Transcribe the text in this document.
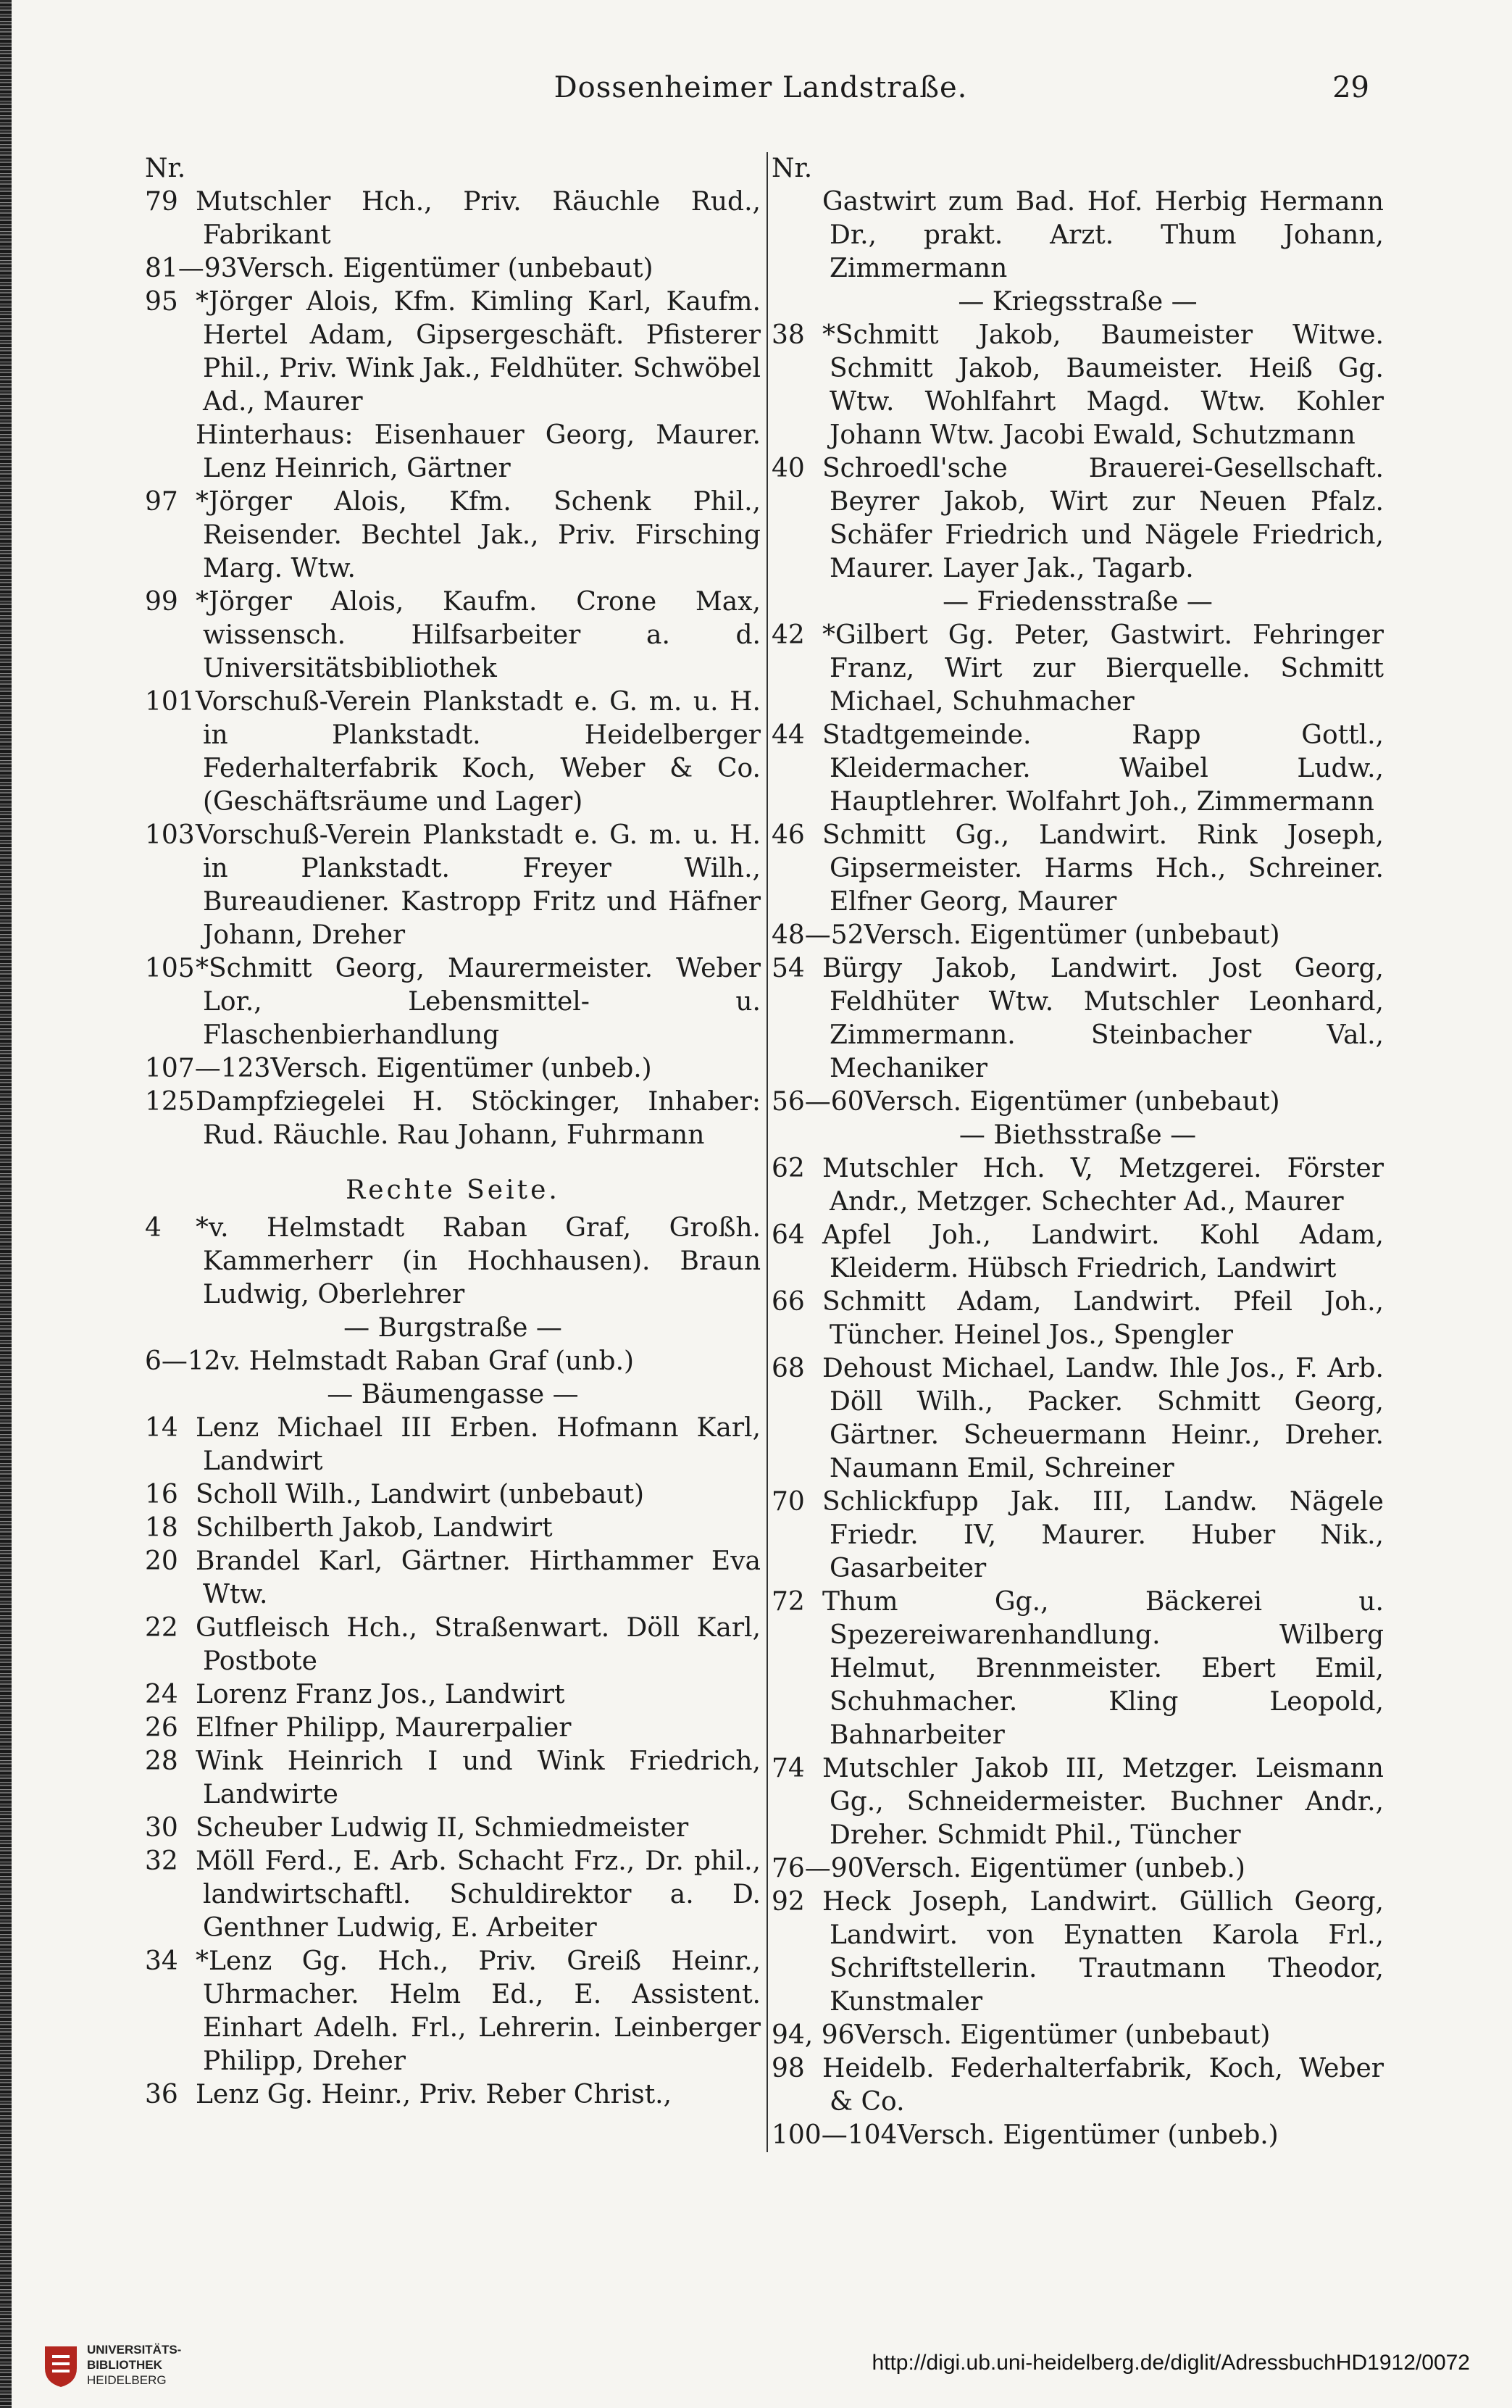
Dossenheimer Landstraße.	29
Nr.
79 Mutschler Hch., Priv. Räuchle Rud., Fabrikant
81—93Versch. Eigentümer (unbebaut)
95 *Jörger Alois, Kfm. Kimling Karl, Kaufm. Hertel Adam, Gipsergeschäft. Pfisterer Phil., Priv. Wink Jak., Feldhüter. Schwöbel Ad., Maurer
Hinterhaus: Eisenhauer Georg, Maurer. Lenz Heinrich, Gärtner
97 *Jörger Alois, Kfm. Schenk Phil., Reisender. Bechtel Jak., Priv. Firsching Marg. Wtw.
99 *Jörger Alois, Kaufm. Crone Max, wissensch. Hilfsarbeiter a. d. Universitätsbibliothek
101Vorschuß-Verein Plankstadt e. G. m. u. H. in Plankstadt. Heidelberger Federhalterfabrik Koch, Weber & Co. (Geschäftsräume und Lager)
103Vorschuß-Verein Plankstadt e. G. m. u. H. in Plankstadt. Freyer Wilh., Bureaudiener. Kastropp Fritz und Häfner Johann, Dreher
105*Schmitt Georg, Maurermeister. Weber Lor., Lebensmittel- u. Flaschenbierhandlung
107—123Versch. Eigentümer (unbeb.)
125Dampfziegelei H. Stöckinger, Inhaber: Rud. Räuchle. Rau Johann, Fuhrmann
Rechte Seite.
4 *v. Helmstadt Raban Graf, Großh. Kammerherr (in Hochhausen). Braun Ludwig, Oberlehrer
— Burgstraße —
6—12v. Helmstadt Raban Graf (unb.)
— Bäumengasse —
14 Lenz Michael III Erben. Hofmann Karl, Landwirt
16 Scholl Wilh., Landwirt (unbebaut)
18 Schilberth Jakob, Landwirt
20 Brandel Karl, Gärtner. Hirthammer Eva Wtw.
22 Gutfleisch Hch., Straßenwart. Döll Karl, Postbote
24 Lorenz Franz Jos., Landwirt
26 Elfner Philipp, Maurerpalier
28 Wink Heinrich I und Wink Friedrich, Landwirte
30 Scheuber Ludwig II, Schmiedmeister
32 Möll Ferd., E. Arb. Schacht Frz., Dr. phil., landwirtschaftl. Schuldirektor a. D. Genthner Ludwig, E. Arbeiter
34 *Lenz Gg. Hch., Priv. Greiß Heinr., Uhrmacher. Helm Ed., E. Assistent. Einhart Adelh. Frl., Lehrerin. Leinberger Philipp, Dreher
36 Lenz Gg. Heinr., Priv. Reber Christ.,
Nr.
Gastwirt zum Bad. Hof. Herbig Hermann Dr., prakt. Arzt. Thum Johann, Zimmermann
— Kriegsstraße —
38 *Schmitt Jakob, Baumeister Witwe. Schmitt Jakob, Baumeister. Heiß Gg. Wtw. Wohlfahrt Magd. Wtw. Kohler Johann Wtw. Jacobi Ewald, Schutzmann
40 Schroedl'sche Brauerei-Gesellschaft. Beyrer Jakob, Wirt zur Neuen Pfalz. Schäfer Friedrich und Nägele Friedrich, Maurer. Layer Jak., Tagarb.
— Friedensstraße —
42 *Gilbert Gg. Peter, Gastwirt. Fehringer Franz, Wirt zur Bierquelle. Schmitt Michael, Schuhmacher
44 Stadtgemeinde. Rapp Gottl., Kleidermacher. Waibel Ludw., Hauptlehrer. Wolfahrt Joh., Zimmermann
46 Schmitt Gg., Landwirt. Rink Joseph, Gipsermeister. Harms Hch., Schreiner. Elfner Georg, Maurer
48—52Versch. Eigentümer (unbebaut)
54 Bürgy Jakob, Landwirt. Jost Georg, Feldhüter Wtw. Mutschler Leonhard, Zimmermann. Steinbacher Val., Mechaniker
56—60Versch. Eigentümer (unbebaut)
— Biethsstraße —
62 Mutschler Hch. V, Metzgerei. Förster Andr., Metzger. Schechter Ad., Maurer
64 Apfel Joh., Landwirt. Kohl Adam, Kleiderm. Hübsch Friedrich, Landwirt
66 Schmitt Adam, Landwirt. Pfeil Joh., Tüncher. Heinel Jos., Spengler
68 Dehoust Michael, Landw. Ihle Jos., F. Arb. Döll Wilh., Packer. Schmitt Georg, Gärtner. Scheuermann Heinr., Dreher. Naumann Emil, Schreiner
70 Schlickfupp Jak. III, Landw. Nägele Friedr. IV, Maurer. Huber Nik., Gasarbeiter
72 Thum Gg., Bäckerei u. Spezereiwarenhandlung. Wilberg Helmut, Brennmeister. Ebert Emil, Schuhmacher. Kling Leopold, Bahnarbeiter
74 Mutschler Jakob III, Metzger. Leismann Gg., Schneidermeister. Buchner Andr., Dreher. Schmidt Phil., Tüncher
76—90Versch. Eigentümer (unbeb.)
92 Heck Joseph, Landwirt. Güllich Georg, Landwirt. von Eynatten Karola Frl., Schriftstellerin. Trautmann Theodor, Kunstmaler
94, 96Versch. Eigentümer (unbebaut)
98 Heidelb. Federhalterfabrik, Koch, Weber & Co.
100—104Versch. Eigentümer (unbeb.)
UNIVERSITÄTS-
BIBLIOTHEK
HEIDELBERG
http://digi.ub.uni-heidelberg.de/diglit/AdressbuchHD1912/0072
